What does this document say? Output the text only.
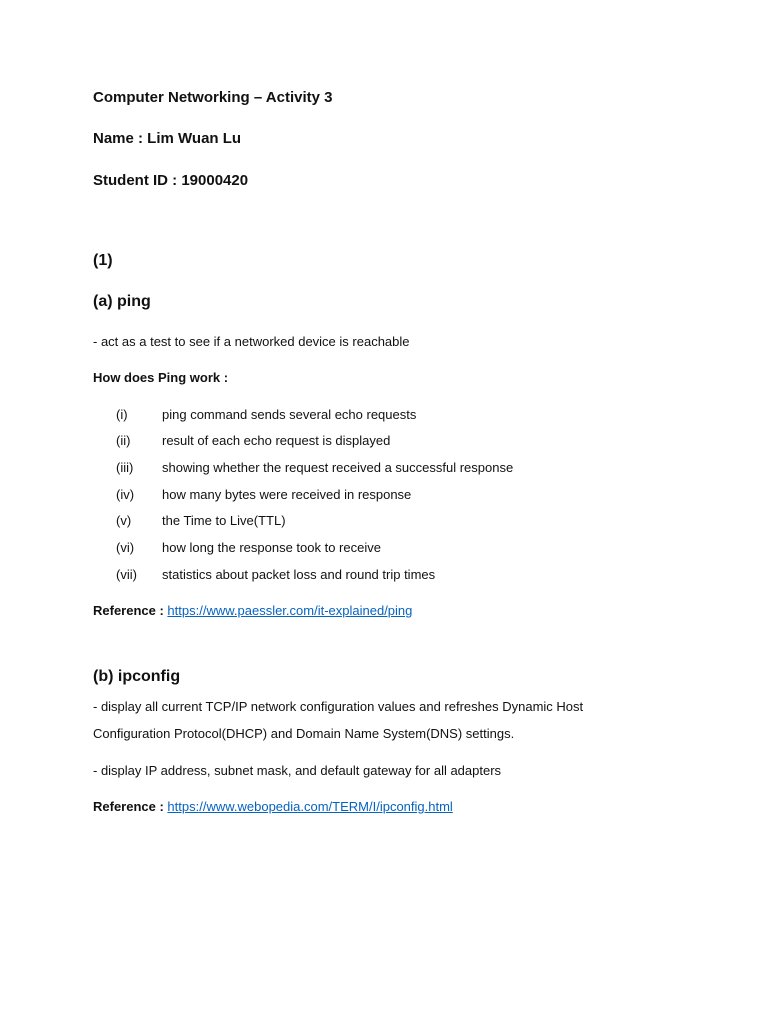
Computer Networking – Activity 3
Name : Lim Wuan Lu
Student ID : 19000420
(1)
(a) ping
- act as a test to see if a networked device is reachable
How does Ping work :
(i)	ping command sends several echo requests
(ii) result of each echo request is displayed
(iii) showing whether the request received a successful response
(iv) how many bytes were received in response
(v) the Time to Live(TTL)
(vi) how long the response took to receive
(vii) statistics about packet loss and round trip times
Reference : https://www.paessler.com/it-explained/ping
(b) ipconfig
- display all current TCP/IP network configuration values and refreshes Dynamic Host
Configuration Protocol(DHCP) and Domain Name System(DNS) settings.
- display IP address, subnet mask, and default gateway for all adapters
Reference : https://www.webopedia.com/TERM/I/ipconfig.html
